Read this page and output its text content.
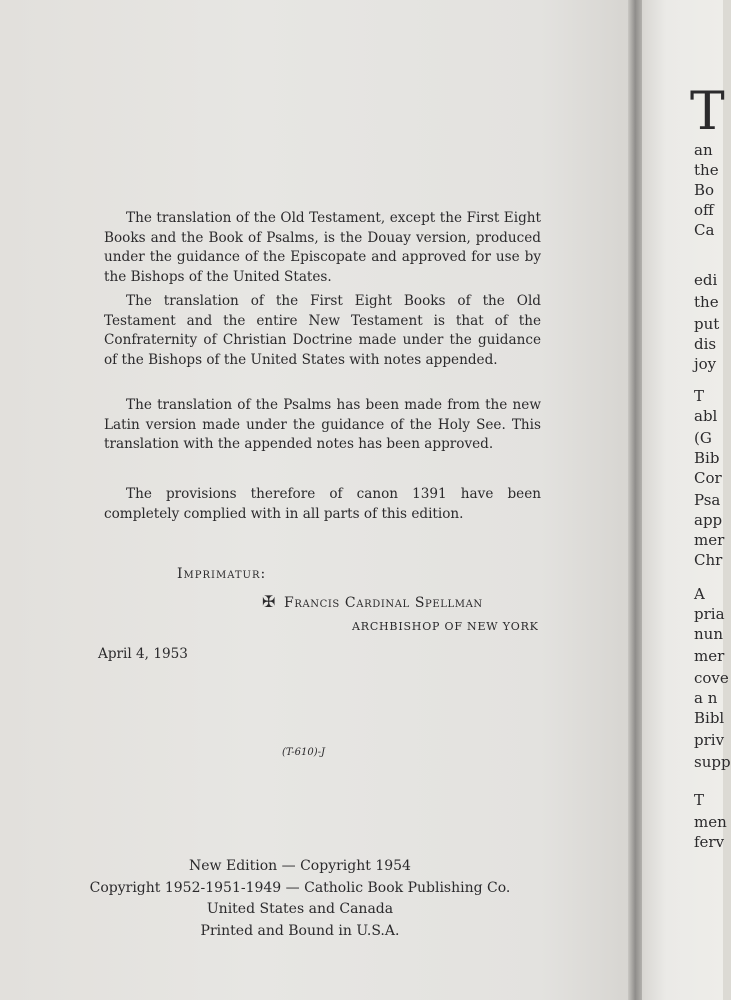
The translation of the Old Testament, except the First Eight Books and the Book of Psalms, is the Douay version, produced under the guidance of the Episcopate and approved for use by the Bishops of the United States.

The translation of the First Eight Books of the Old Testament and the entire New Testament is that of the Confraternity of Christian Doctrine made under the guidance of the Bishops of the United States with notes appended.

The translation of the Psalms has been made from the new Latin version made under the guidance of the Holy See. This translation with the appended notes has been approved.

The provisions therefore of canon 1391 have been completely complied with in all parts of this edition.

Imprimatur:
✠ Francis Cardinal Spellman
ARCHBISHOP OF NEW YORK
April 4, 1953
(T-610)-J
New Edition — Copyright 1954
Copyright 1952-1951-1949 — Catholic Book Publishing Co.
United States and Canada
Printed and Bound in U.S.A.
T
an
the
Bo
off
Ca
edi
the
put
dis
joy
T
abl
(G
Bib
Cor
Psa
app
mer
Chr
A
pria
nun
mer
cove
a n
Bibl
priv
supp
T
men
ferv
